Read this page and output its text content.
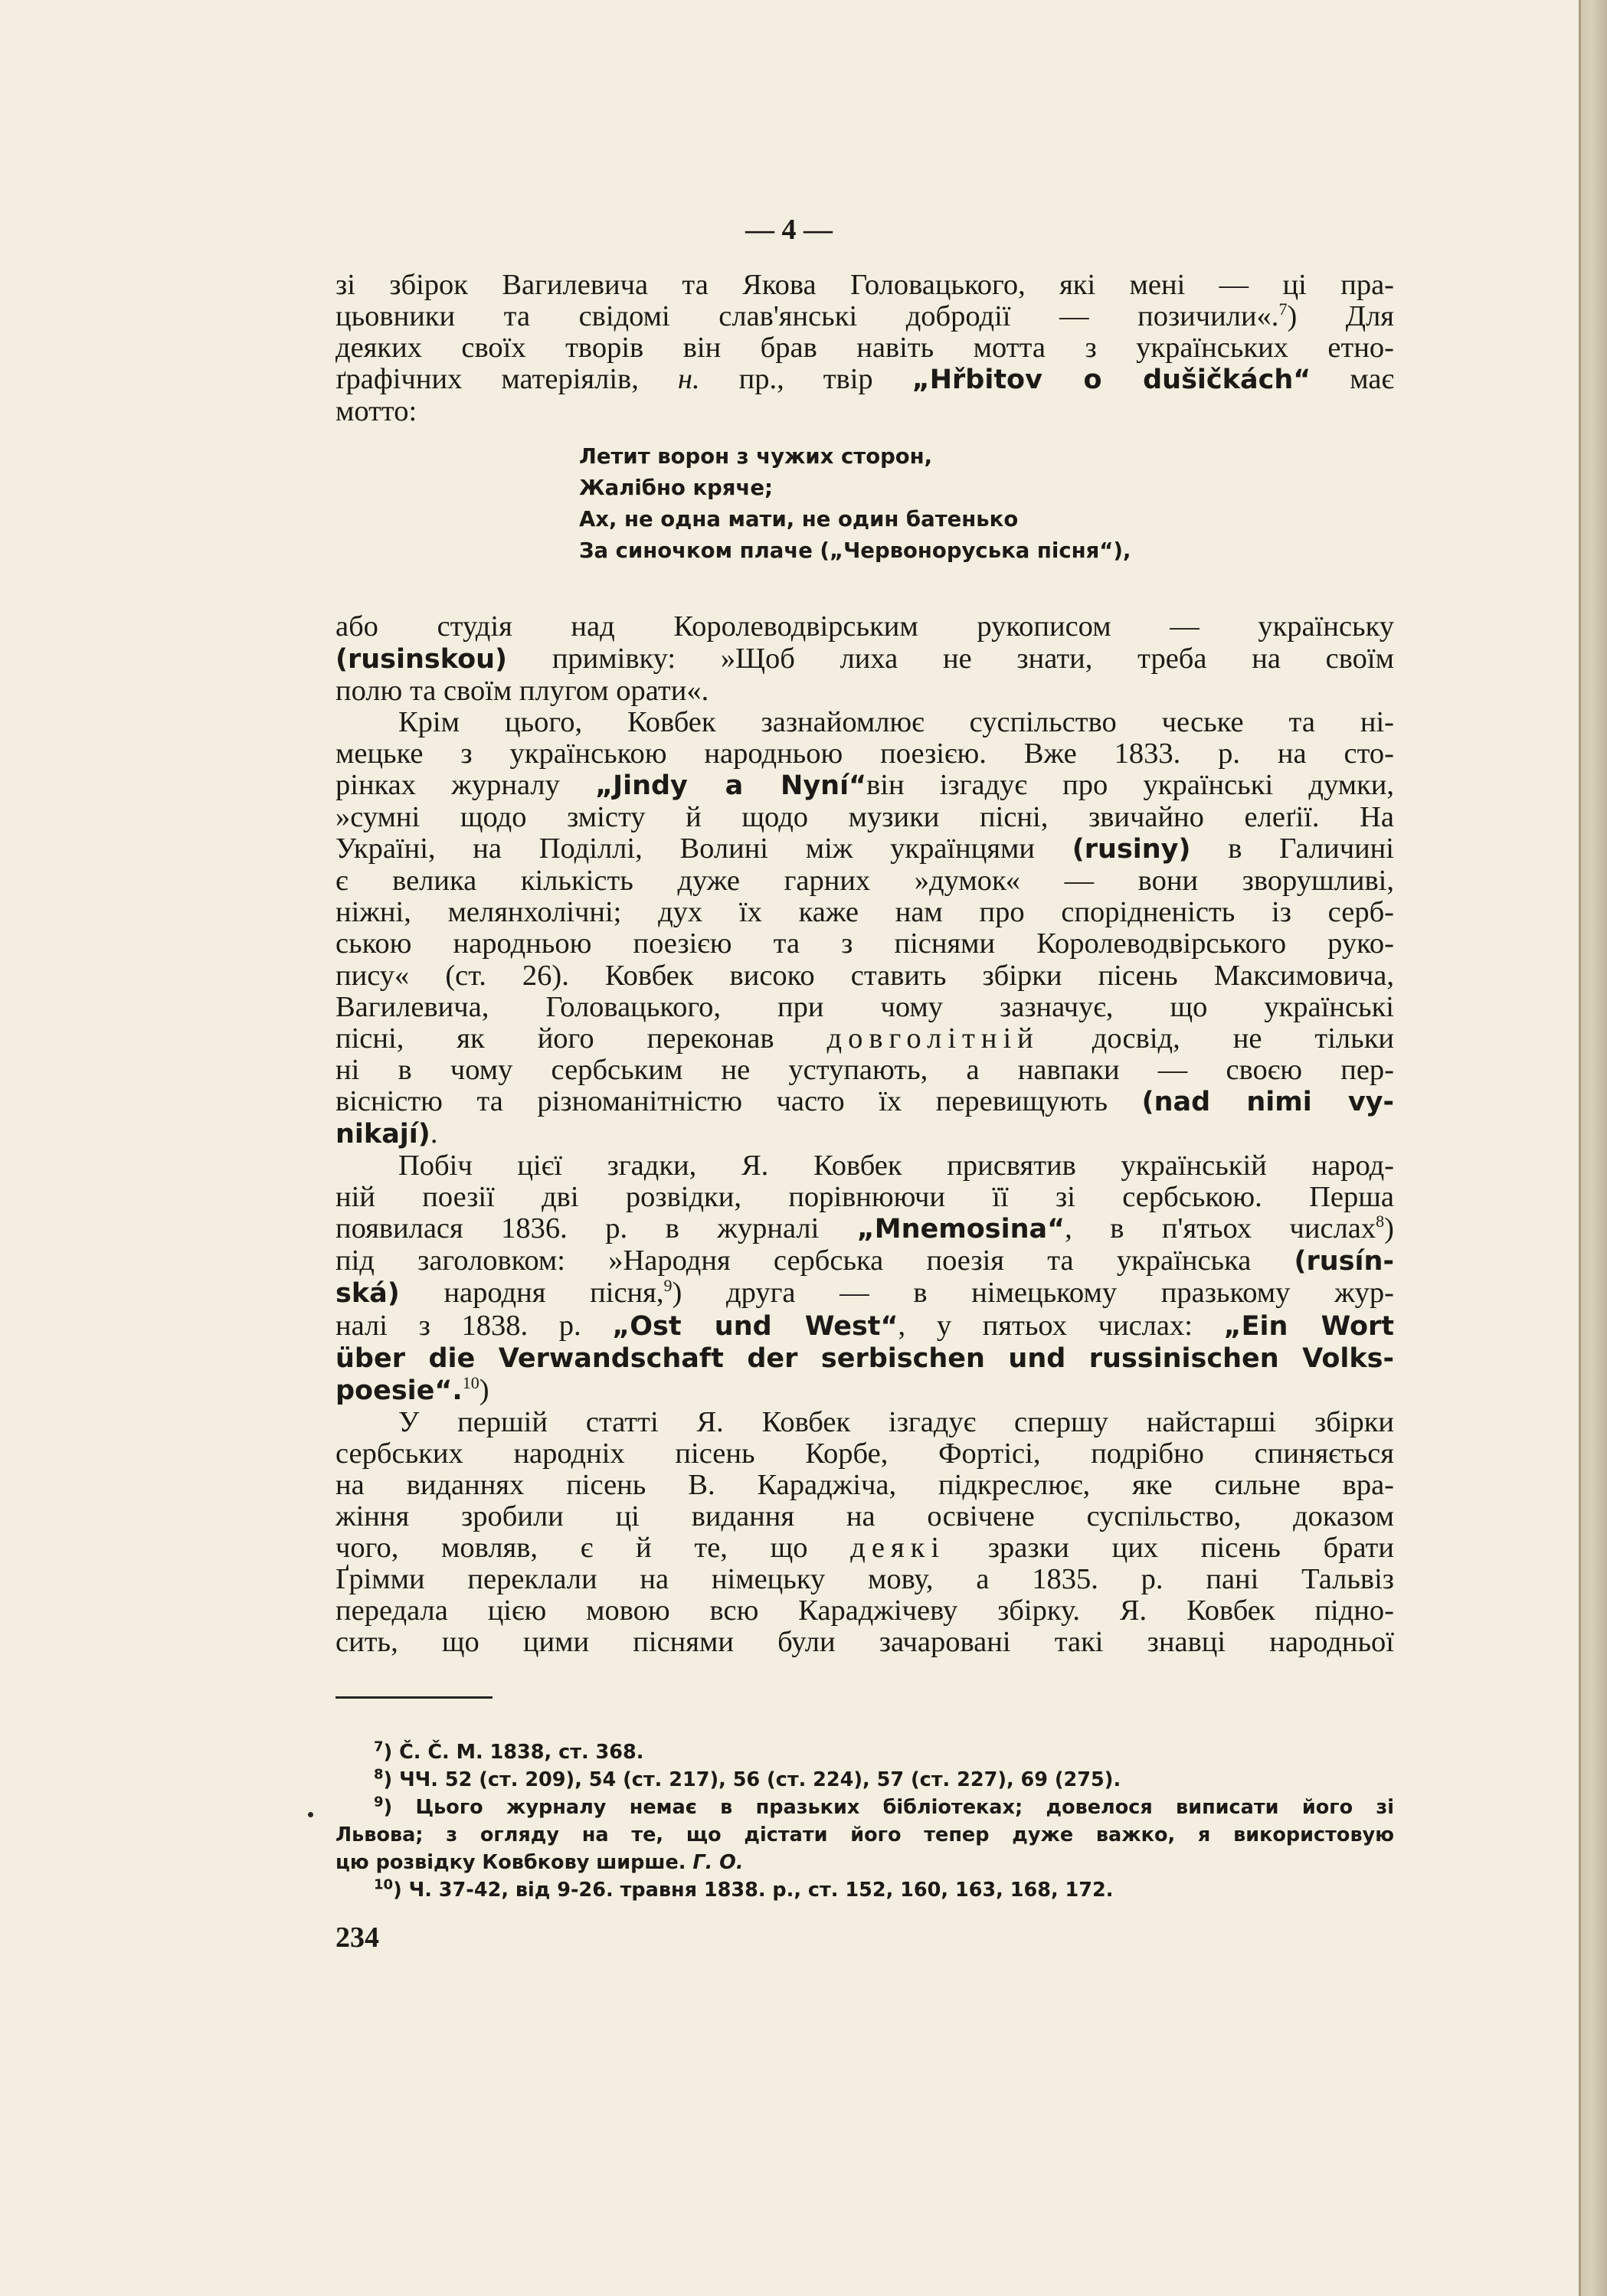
— 4 —

зі збірок Вагилевича та Якова Головацького, які мені — ці пра-
цьовники та свідомі слав'янські добродії — позичили«.$^7$) Для
деяких своїх творів він брав навіть мотта з українських етно-
ґрафічних матеріялів, н. пр., твір „Hřbitov o dušičkách“ має
мотто:

Летит ворон з чужих сторон,
Жалібно кряче;
Ах, не одна мати, не один батенько
За синочком плаче („Червоноруська пісня“),

або студія над Королеводвірським рукописом — українську
(rusinskou) примівку: »Щоб лиха не знати, треба на своїм
полю та своїм плугом орати«.

Крім цього, Ковбек зазнайомлює суспільство чеське та ні-
мецьке з українською народньою поезією. Вже 1833. р. на сто-
рінках журналу „Jindy a Nyní“він ізгадує про українські думки,
»сумні щодо змісту й щодо музики пісні, звичайно елеґії. На
Україні, на Поділлі, Волині між українцями (rusiny) в Галичині
є велика кількість дуже гарних »думок« — вони зворушливі,
ніжні, мелянхолічні; дух їх каже нам про спорідненість із серб-
ською народньою поезією та з піснями Королеводвірського руко-
пису« (ст. 26). Ковбек високо ставить збірки пісень Максимовича,
Вагилевича, Головацького, при чому зазначує, що українські
пісні, як його переконав довголітній досвід, не тільки
ні в чому сербським не уступають, а навпаки — своєю пер-
вісністю та різноманітністю часто їх перевищують (nad nimi vy-
nikají).

Побіч цієї згадки, Я. Ковбек присвятив українській народ-
ній поезії дві розвідки, порівнюючи її зі сербською. Перша
появилася 1836. р. в журналі „Mnemosina“, в п'ятьох числах$^8$)
під заголовком: »Народня сербська поезія та українська (rusín-
ská) народня пісня,$^9$) друга — в німецькому празькому жур-
налі з 1838. р. „Ost und West“, у пятьох числах: „Ein Wort
über die Verwandschaft der serbischen und russinischen Volks-
poesie“.$^{10}$)

У першій статті Я. Ковбек ізгадує спершу найстарші збірки
сербських народніх пісень Корбе, Фортісі, подрібно спиняється
на виданнях пісень В. Караджіча, підкреслює, яке сильне вра-
жіння зробили ці видання на освічене суспільство, доказом
чого, мовляв, є й те, що деякі зразки цих пісень брати
Ґрімми переклали на німецьку мову, а 1835. р. пані Тальвіз
передала цією мовою всю Караджічеву збірку. Я. Ковбек підно-
сить, що цими піснями були зачаровані такі знавці народньої

$^7$) Č. Č. M. 1838, ст. 368.
$^8$) ЧЧ. 52 (ст. 209), 54 (ст. 217), 56 (ст. 224), 57 (ст. 227), 69 (275).
$^9$) Цього журналу немає в празьких бібліотеках; довелося виписати його зі
Львова; з огляду на те, що дістати його тепер дуже важко, я використовую
цю розвідку Ковбкову ширше. Г. О.
$^{10}$) Ч. 37-42, від 9-26. травня 1838. р., ст. 152, 160, 163, 168, 172.
234
